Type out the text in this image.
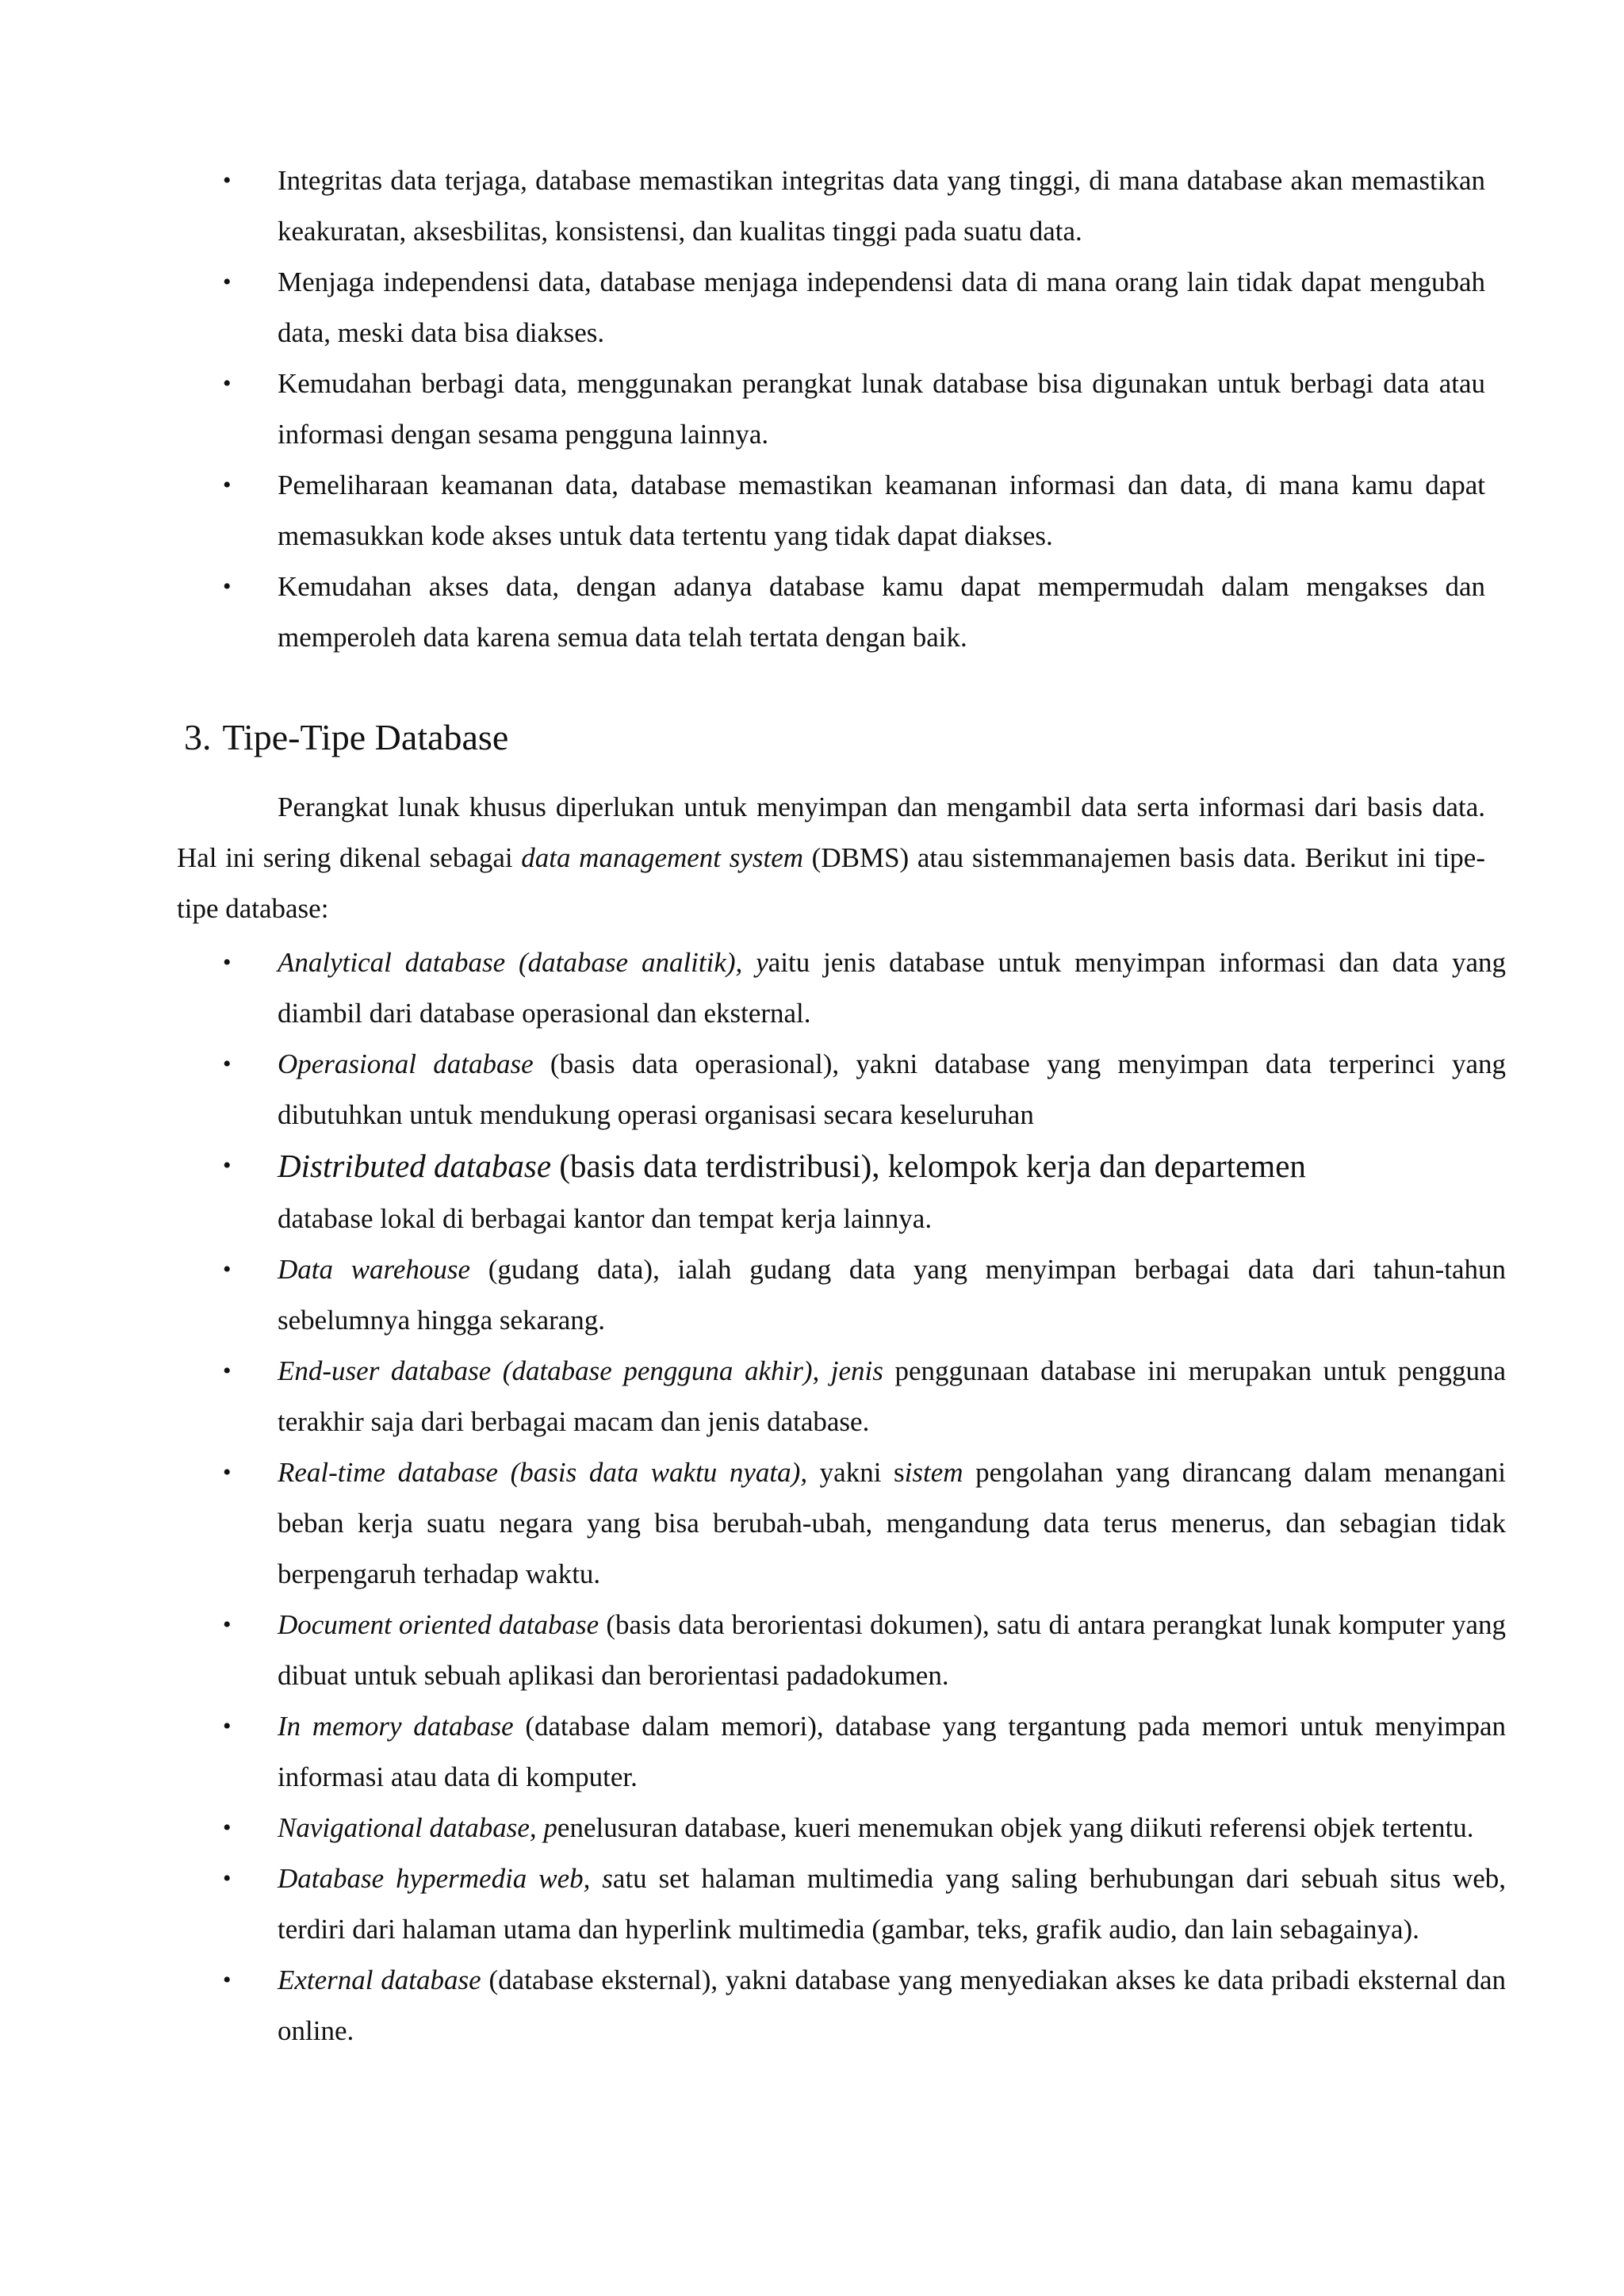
• Integritas data terjaga, database memastikan integritas data yang tinggi, di mana database akan memastikan keakuratan, aksesbilitas, konsistensi, dan kualitas tinggi pada suatu data.
• Menjaga independensi data, database menjaga independensi data di mana orang lain tidak dapat mengubah data, meski data bisa diakses.
• Kemudahan berbagi data, menggunakan perangkat lunak database bisa digunakan untuk berbagi data atau informasi dengan sesama pengguna lainnya.
• Pemeliharaan keamanan data, database memastikan keamanan informasi dan data, di mana kamu dapat memasukkan kode akses untuk data tertentu yang tidak dapat diakses.
• Kemudahan akses data, dengan adanya database kamu dapat mempermudah dalam mengakses dan memperoleh data karena semua data telah tertata dengan baik.
3. Tipe-Tipe Database

Perangkat lunak khusus diperlukan untuk menyimpan dan mengambil data serta informasi dari basis data. Hal ini sering dikenal sebagai data management system (DBMS) atau sistemmanajemen basis data. Berikut ini tipe-tipe database:

• Analytical database (database analitik), yaitu jenis database untuk menyimpan informasi dan data yang diambil dari database operasional dan eksternal.
• Operasional database (basis data operasional), yakni database yang menyimpan data terperinci yang dibutuhkan untuk mendukung operasi organisasi secara keseluruhan
• Distributed database (basis data terdistribusi), kelompok kerja dan departemen
database lokal di berbagai kantor dan tempat kerja lainnya.
• Data warehouse (gudang data), ialah gudang data yang menyimpan berbagai data dari tahun-tahun sebelumnya hingga sekarang.
• End-user database (database pengguna akhir), jenis penggunaan database ini merupakan untuk pengguna terakhir saja dari berbagai macam dan jenis database.
• Real-time database (basis data waktu nyata), yakni sistem pengolahan yang dirancang dalam menangani beban kerja suatu negara yang bisa berubah-ubah, mengandung data terus menerus, dan sebagian tidak berpengaruh terhadap waktu.
• Document oriented database (basis data berorientasi dokumen), satu di antara perangkat lunak komputer yang dibuat untuk sebuah aplikasi dan berorientasi padadokumen.
• In memory database (database dalam memori), database yang tergantung pada memori untuk menyimpan informasi atau data di komputer.
• Navigational database, penelusuran database, kueri menemukan objek yang diikuti referensi objek tertentu.
• Database hypermedia web, satu set halaman multimedia yang saling berhubungan dari sebuah situs web, terdiri dari halaman utama dan hyperlink multimedia (gambar, teks, grafik audio, dan lain sebagainya).
• External database (database eksternal), yakni database yang menyediakan akses ke data pribadi eksternal dan online.
